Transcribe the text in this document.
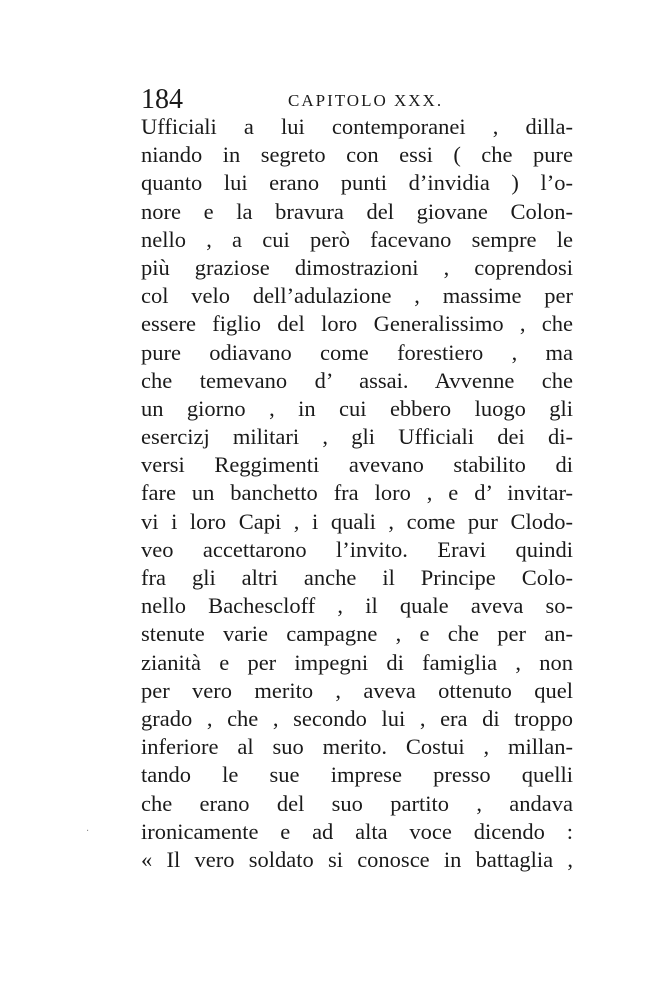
184	CAPITOLO XXX.
Ufficiali a lui contemporanei , dilla-
niando in segreto con essi ( che pure
quanto lui erano punti d’invidia ) l’o-
nore e la bravura del giovane Colon-
nello , a cui però facevano sempre le
più graziose dimostrazioni , coprendosi
col velo dell’adulazione , massime per
essere figlio del loro Generalissimo , che
pure odiavano come forestiero , ma
che temevano d’ assai. Avvenne che
un giorno , in cui ebbero luogo gli
esercizj militari , gli Ufficiali dei di-
versi Reggimenti avevano stabilito di
fare un banchetto fra loro , e d’ invitar-
vi i loro Capi , i quali , come pur Clodo-
veo accettarono l’invito. Eravi quindi
fra gli altri anche il Principe Colo-
nello Bachescloff , il quale aveva so-
stenute varie campagne , e che per an-
zianità e per impegni di famiglia , non
per vero merito , aveva ottenuto quel
grado , che , secondo lui , era di troppo
inferiore al suo merito. Costui , millan-
tando le sue imprese presso quelli
che erano del suo partito , andava
ironicamente e ad alta voce dicendo :
« Il vero soldato si conosce in battaglia ,
·
